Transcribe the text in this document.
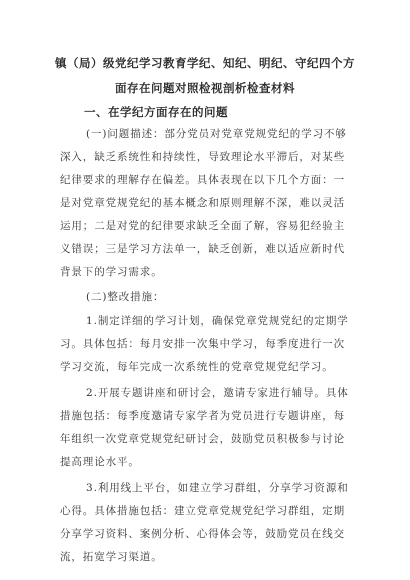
镇（局）级党纪学习教育学纪、知纪、明纪、守纪四个方
面存在问题对照检视剖析检查材料
一、在学纪方面存在的问题
(一)问题描述：部分党员对党章党规党纪的学习不够
深入，缺乏系统性和持续性，导致理论水平滞后，对某些
纪律要求的理解存在偏差。具体表现在以下几个方面：一
是对党章党规党纪的基本概念和原则理解不深，难以灵活
运用；二是对党的纪律要求缺乏全面了解，容易犯经验主
义错误；三是学习方法单一，缺乏创新，难以适应新时代
背景下的学习需求。
(二)整改措施：
1.制定详细的学习计划，确保党章党规党纪的定期学
习。具体包括：每月安排一次集中学习，每季度进行一次
学习交流，每年完成一次系统性的党章党规党纪学习。
2.开展专题讲座和研讨会，邀请专家进行辅导。具体
措施包括：每季度邀请专家学者为党员进行专题讲座，每
年组织一次党章党规党纪研讨会，鼓励党员积极参与讨论
提高理论水平。
3.利用线上平台，如建立学习群组，分享学习资源和
心得。具体措施包括：建立党章党规党纪学习群组，定期
分享学习资料、案例分析、心得体会等，鼓励党员在线交
流，拓宽学习渠道。
